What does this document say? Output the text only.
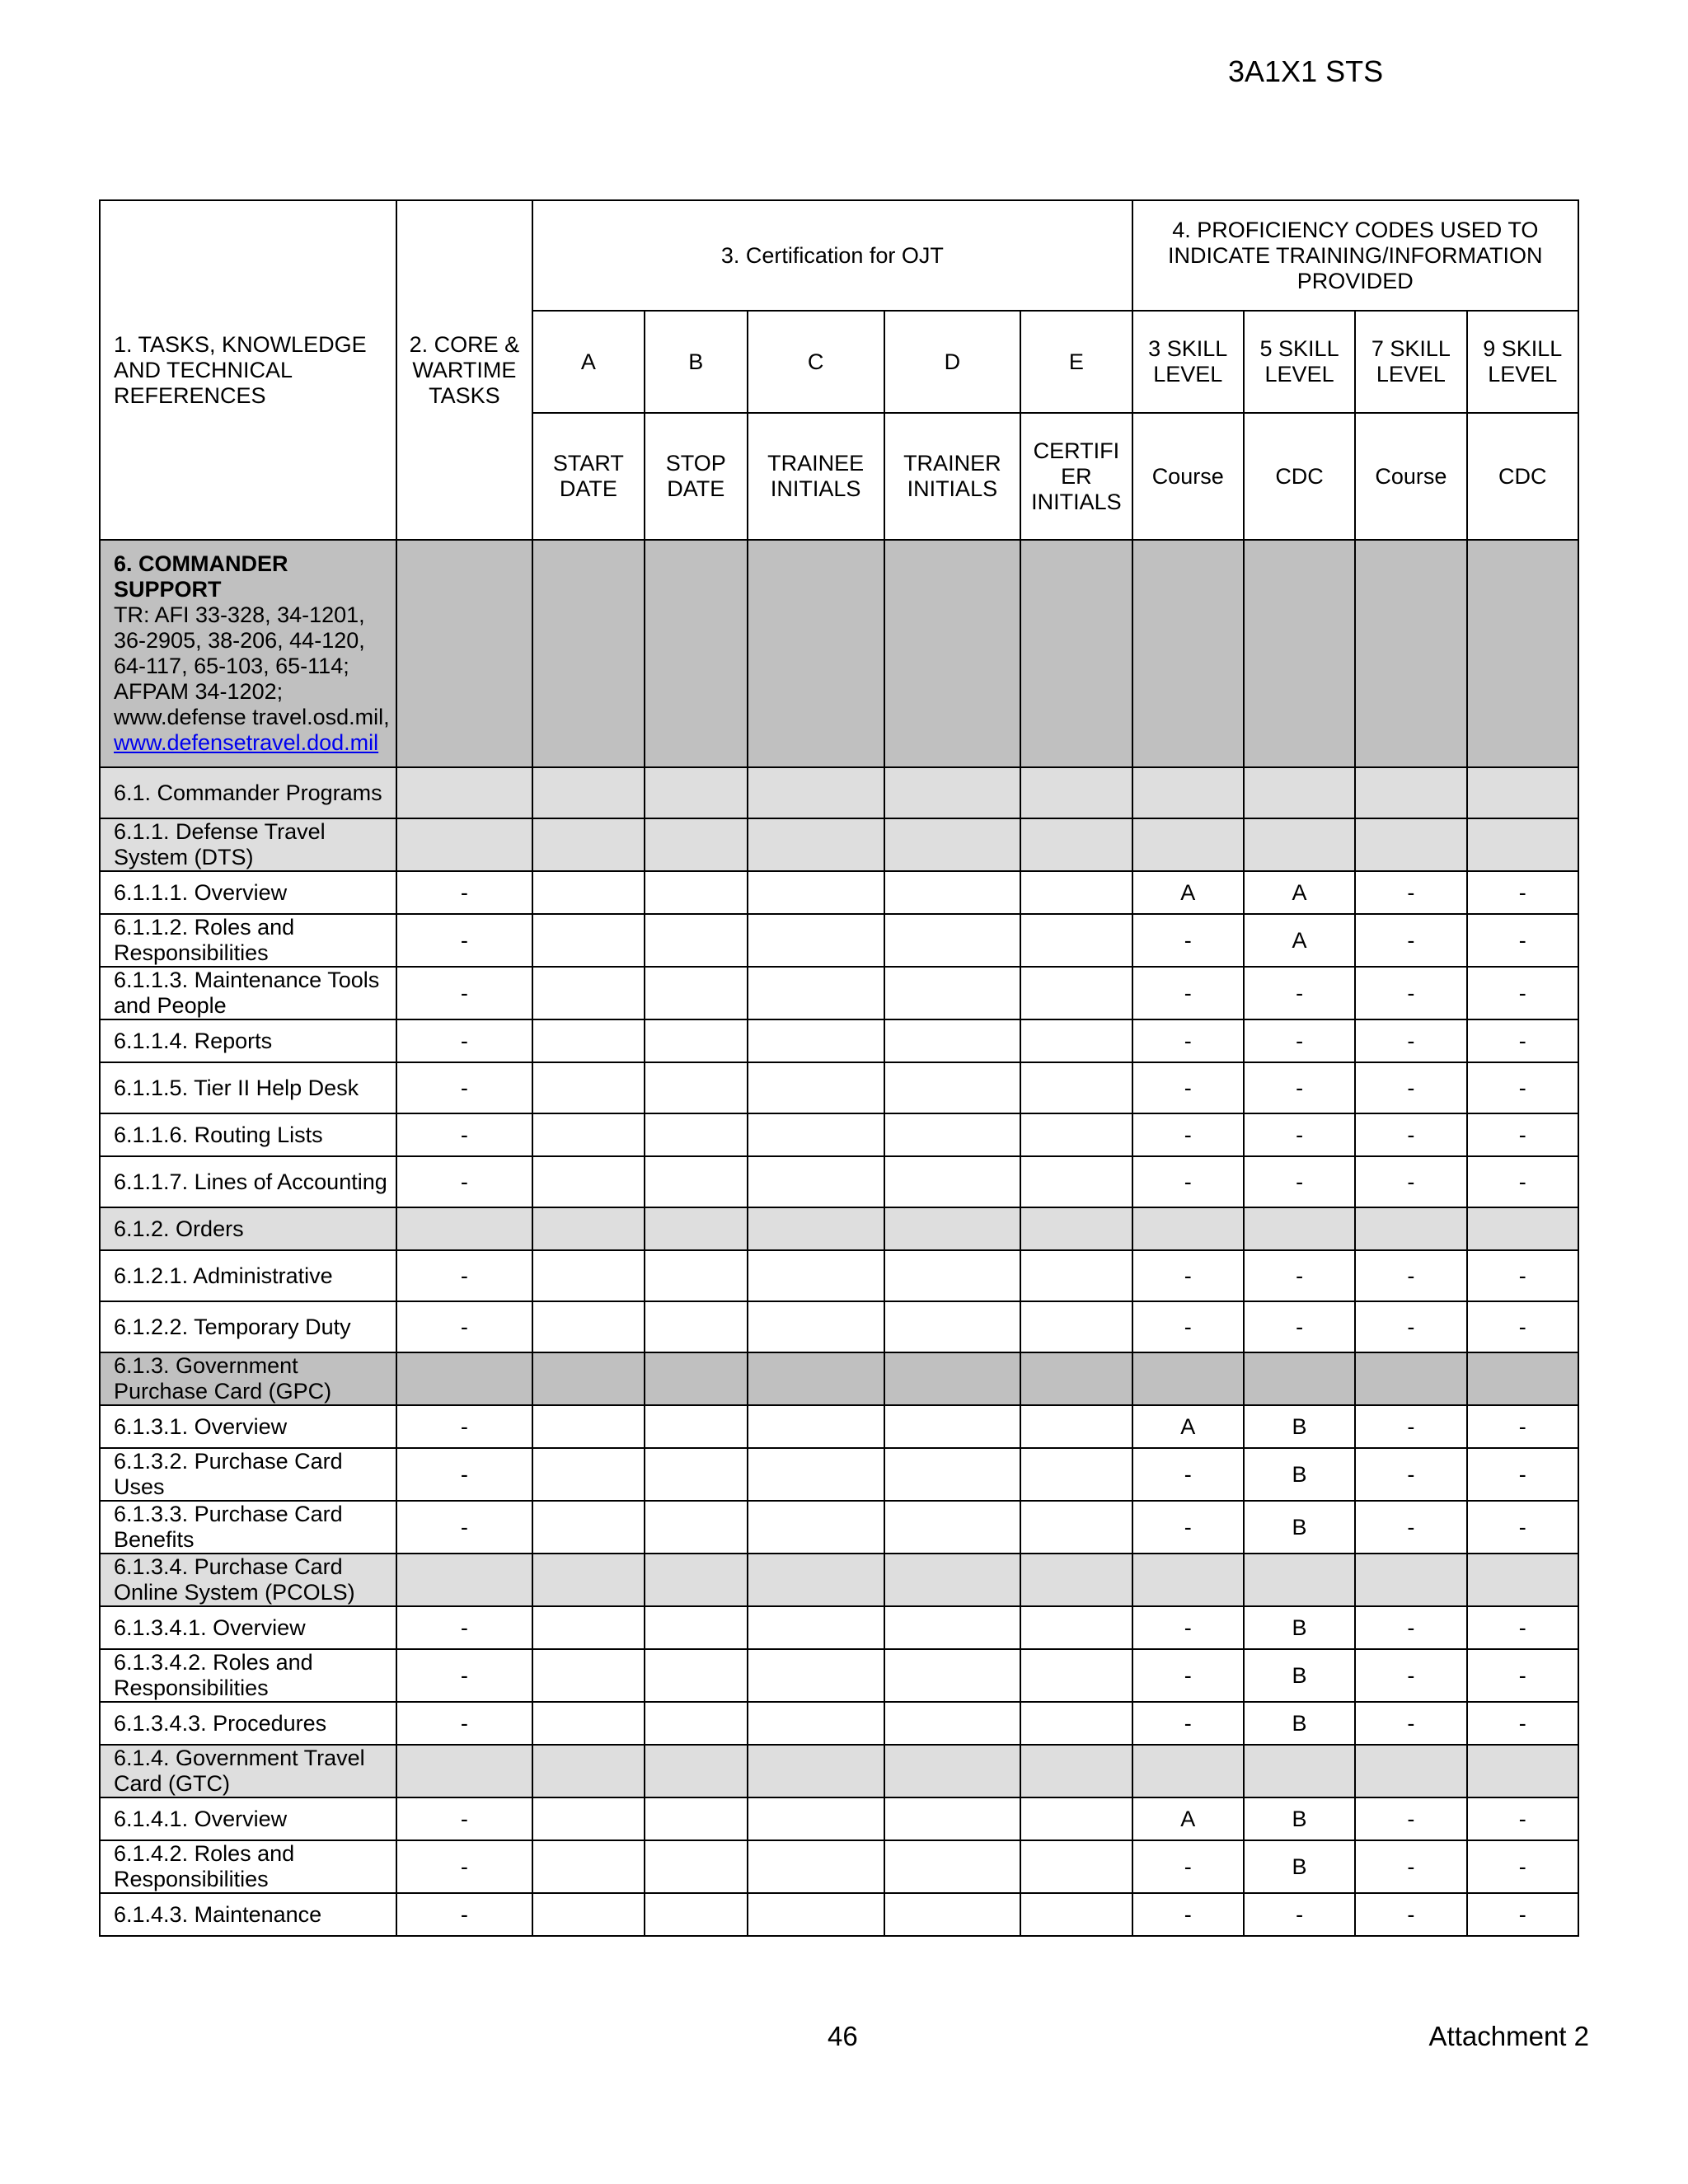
3A1X1 STS
1. TASKS, KNOWLEDGE AND TECHNICAL REFERENCES	2. CORE & WARTIME TASKS	3. Certification for OJT					4. PROFICIENCY CODES USED TO INDICATE TRAINING/INFORMATION PROVIDED			
		A	B	C	D	E	3 SKILL LEVEL	5 SKILL LEVEL	7 SKILL LEVEL	9 SKILL LEVEL
		START DATE	STOP DATE	TRAINEE INITIALS	TRAINER INITIALS	CERTIFI ER INITIALS	Course	CDC	Course	CDC

6. COMMANDER SUPPORT
TR: AFI 33-328, 34-1201, 36-2905, 38-206, 44-120, 64-117, 65-103, 65-114; AFPAM 34-1202; www.defense travel.osd.mil,
www.defensetravel.dod.mil										

6.1. Commander Programs										
6.1.1. Defense Travel System (DTS)										
6.1.1.1. Overview	-						A	A	-	-
6.1.1.2. Roles and Responsibilities	-						-	A	-	-
6.1.1.3. Maintenance Tools and People	-						-	-	-	-
6.1.1.4. Reports	-						-	-	-	-
6.1.1.5. Tier II Help Desk	-						-	-	-	-
6.1.1.6. Routing Lists	-						-	-	-	-
6.1.1.7. Lines of Accounting	-						-	-	-	-
6.1.2. Orders										
6.1.2.1. Administrative	-						-	-	-	-
6.1.2.2. Temporary Duty	-						-	-	-	-
6.1.3. Government Purchase Card (GPC)										
6.1.3.1. Overview	-						A	B	-	-
6.1.3.2. Purchase Card Uses	-						-	B	-	-
6.1.3.3. Purchase Card Benefits	-						-	B	-	-
6.1.3.4. Purchase Card Online System (PCOLS)										
6.1.3.4.1. Overview	-						-	B	-	-
6.1.3.4.2. Roles and Responsibilities	-						-	B	-	-
6.1.3.4.3. Procedures	-						-	B	-	-
6.1.4. Government Travel Card (GTC)										
6.1.4.1. Overview	-						A	B	-	-
6.1.4.2. Roles and Responsibilities	-						-	B	-	-
6.1.4.3. Maintenance	-						-	-	-	-
46	Attachment 2
